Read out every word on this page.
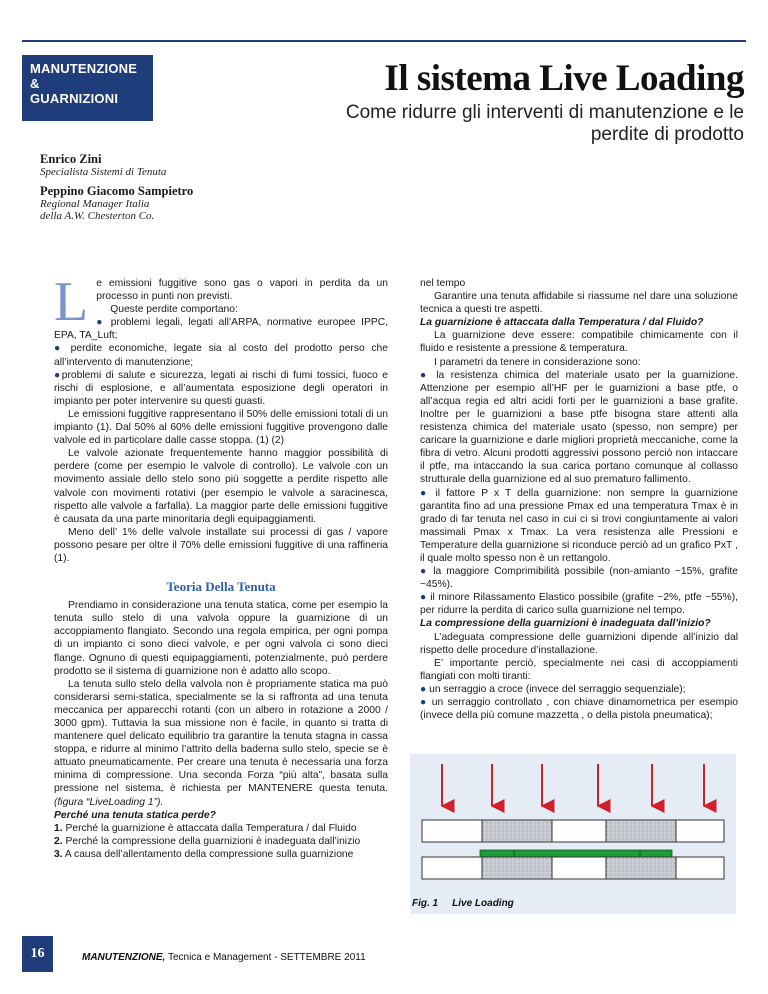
MANUTENZIONE
&
GUARNIZIONI	Il sistema Live Loading
Come ridurre gli interventi di manutenzione e le perdite di prodotto
Enrico Zini
Specialista Sistemi di Tenuta
Peppino Giacomo Sampietro
Regional Manager Italia
della A.W. Chesterton Co.

L e emissioni fuggitive sono gas o vapori in perdita da un processo in punti non previsti.

Queste perdite comportano:

● problemi legali, legati all’ARPA, normative europee IPPC, EPA, TA_Luft;

● perdite economiche, legate sia al costo del prodotto perso che all’intervento di manutenzione;

●problemi di salute e sicurezza, legati ai rischi di fumi tossici, fuoco e rischi di esplosione, e all’aumentata esposizione degli operatori in impianto per poter intervenire su questi guasti.

Le emissioni fuggitive rappresentano il 50% delle emissioni totali di un impianto (1). Dal 50% al 60% delle emissioni fuggitive provengono dalle valvole ed in particolare dalle casse stoppa. (1) (2)

Le valvole azionate frequentemente hanno maggior possibilità di perdere (come per esempio le valvole di controllo). Le valvole con un movimento assiale dello stelo sono più soggette a perdite rispetto alle valvole con movimenti rotativi (per esempio le valvole a saracinesca, rispetto alle valvole a farfalla). La maggior parte delle emissioni fuggitive è causata da una parte minoritaria degli equipaggiamenti.

Meno dell’ 1% delle valvole installate sui processi di gas / vapore possono pesare per oltre il 70% delle emissioni fuggitive di una raffineria (1).

Teoria Della Tenuta

Prendiamo in considerazione una tenuta statica, come per esempio la tenuta sullo stelo di una valvola oppure la guarnizione di un accoppiamento flangiato. Secondo una regola empirica, per ogni pompa di un impianto ci sono dieci valvole, e per ogni valvola ci sono dieci flange. Ognuno di questi equipaggiamenti, potenzialmente, può perdere prodotto se il sistema di guarnizione non è adatto allo scopo.

La tenuta sullo stelo della valvola non è propriamente statica ma può considerarsi semi-statica, specialmente se la si raffronta ad una tenuta meccanica per apparecchi rotanti (con un albero in rotazione a 2000 / 3000 gpm). Tuttavia la sua missione non è facile, in quanto si tratta di mantenere quel delicato equilibrio tra garantire la tenuta stagna in cassa stoppa, e ridurre al minimo l’attrito della baderna sullo stelo, specie se è attuato pneumaticamente. Per creare una tenuta è necessaria una forza minima di compressione. Una seconda Forza “più alta”, basata sulla pressione nel sistema, è richiesta per MANTENERE questa tenuta. (figura “LiveLoading 1”).

Perché una tenuta statica perde?

1. Perché la guarnizione è attaccata dalla Temperatura / dal Fluido

2. Perché la compressione della guarnizioni è inadeguata dall’inizio

3. A causa dell’allentamento della compressione sulla guarnizione

nel tempo

Garantire una tenuta affidabile si riassume nel dare una soluzione tecnica a questi tre aspetti.

La guarnizione è attaccata dalla Temperatura / dal Fluido?

La guarnizione deve essere: compatibile chimicamente con il fluido e resistente a pressione & temperatura.

I parametri da tenere in considerazione sono:

● la resistenza chimica del materiale usato per la guarnizione. Attenzione per esempio all’HF per le guarnizioni a base ptfe, o all’acqua regia ed altri acidi forti per le guarnizioni a base grafite. Inoltre per le guarnizioni a base ptfe bisogna stare attenti alla resistenza chimica del materiale usato (spesso, non sempre) per caricare la guarnizione e darle migliori proprietà meccaniche, come la fibra di vetro. Alcuni prodotti aggressivi possono perciò non intaccare il ptfe, ma intaccando la sua carica portano comunque al collasso strutturale della guarnizione ed al suo prematuro fallimento.

● il fattore P x T della guarnizione: non sempre la guarnizione garantita fino ad una pressione Pmax ed una temperatura Tmax è in grado di far tenuta nel caso in cui ci si trovi congiuntamente ai valori massimali Pmax x Tmax. La vera resistenza alle Pressioni e Temperature della guarnizione si riconduce perciò ad un grafico PxT , il quale molto spesso non è un rettangolo.

● la maggiore Comprimibilità possibile (non-amianto ~15%, grafite ~45%).

● il minore Rilassamento Elastico possibile (grafite ~2%, ptfe ~55%), per ridurre la perdita di carico sulla guarnizione nel tempo.

La compressione della guarnizioni è inadeguata dall’inizio?

L’adeguata compressione delle guarnizioni dipende all’inizio dal rispetto delle procedure d’installazione.

E’ importante perciò, specialmente nei casi di accoppiamenti flangiati con molti tiranti:

● un serraggio a croce (invece del serraggio sequenziale);

● un serraggio controllato , con chiave dinamometrica per esempio (invece della più comune mazzetta , o della pistola pneumatica);

Fig. 1 Live Loading
16	MANUTENZIONE, Tecnica e Management - SETTEMBRE 2011
